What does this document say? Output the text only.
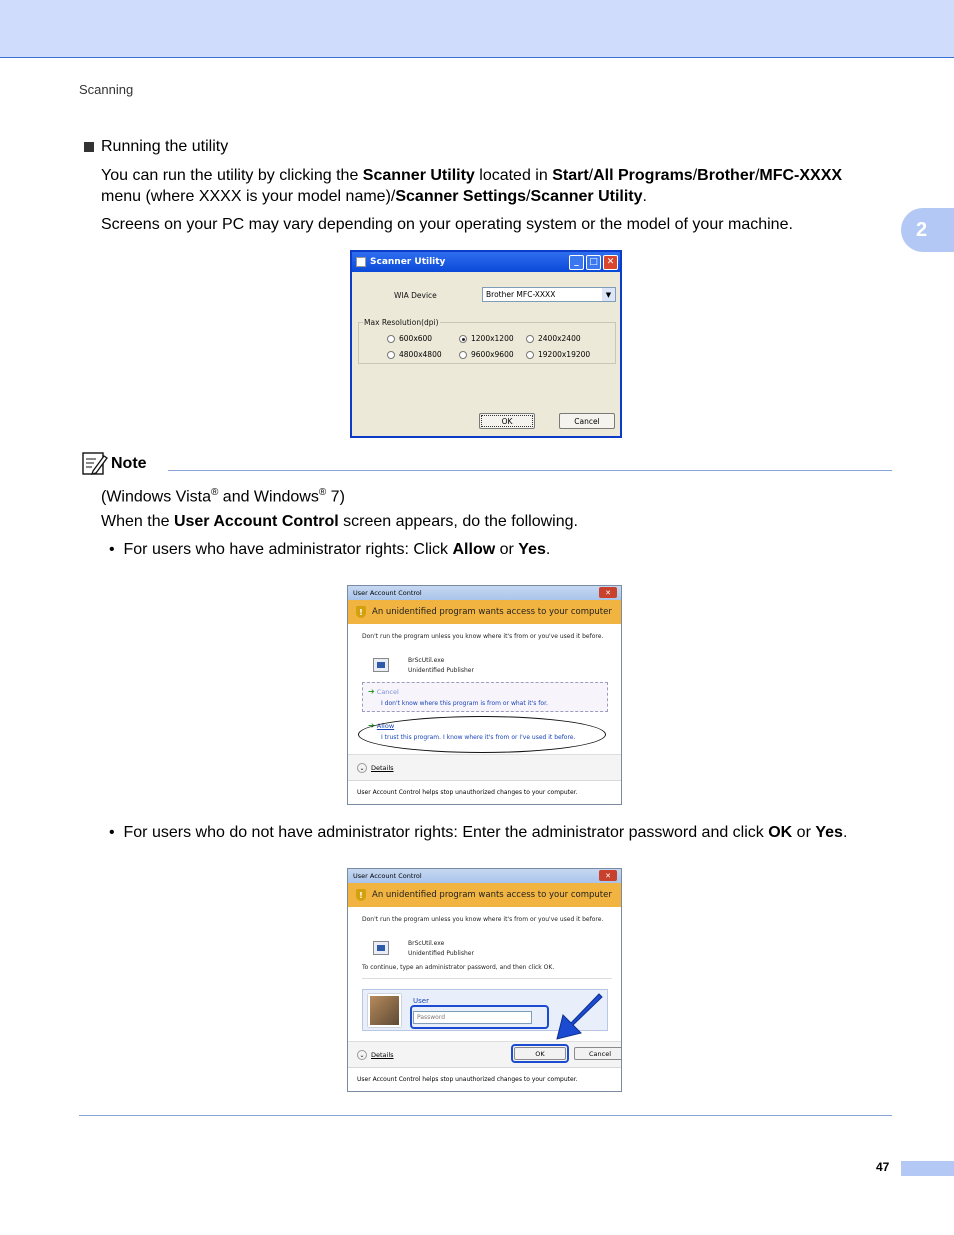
Scanning
2
Running the utility
You can run the utility by clicking the Scanner Utility located in Start/All Programs/Brother/MFC-XXXX
menu (where XXXX is your model name)/Scanner Settings/Scanner Utility.
Screens on your PC may vary depending on your operating system or the model of your machine.
Scanner Utility	_	□ ✕
WIA Device	Brother MFC-XXXX	▼
Max Resolution(dpi)
600x600	1200x1200	2400x2400
4800x4800	9600x9600	19200x19200
OK	Cancel
Note
(Windows Vista® and Windows® 7)
When the User Account Control screen appears, do the following.
•  For users who have administrator rights: Click Allow or Yes.
User Account Control	✕
!	An unidentified program wants access to your computer
Don't run the program unless you know where it's from or you've used it before.
BrScUtil.exe
Unidentified Publisher
➔ Cancel
I don't know where this program is from or what it's for.
➔ Allow
I trust this program. I know where it's from or I've used it before.
⌄ Details
User Account Control helps stop unauthorized changes to your computer.
•  For users who do not have administrator rights: Enter the administrator password and click OK or Yes.
User Account Control	✕
!	An unidentified program wants access to your computer
Don't run the program unless you know where it's from or you've used it before.
BrScUtil.exe
Unidentified Publisher
To continue, type an administrator password, and then click OK.
User
Password
⌄ Details	OK	Cancel
User Account Control helps stop unauthorized changes to your computer.
47
